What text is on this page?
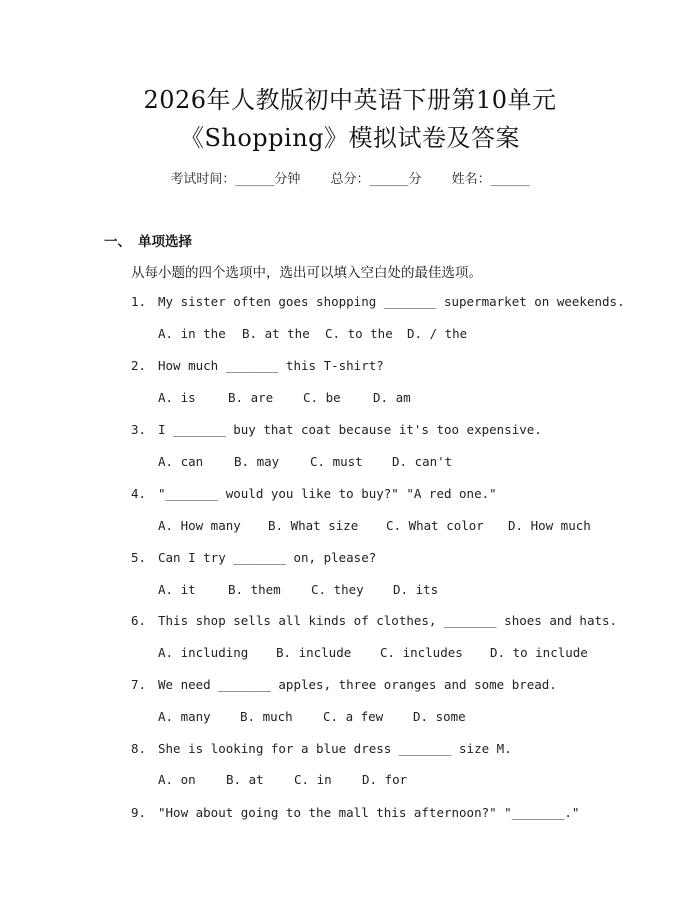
2026年人教版初中英语下册第10单元
《Shopping》模拟试卷及答案
考试时间：______分钟 总分：______分 姓名：______
一、 单项选择
从每小题的四个选项中，选出可以填入空白处的最佳选项。
1. My sister often goes shopping _______ supermarket on weekends.
A. in the B. at the C. to the D. / the
2. How much _______ this T-shirt?
A. is	B. are C. be	D. am
3. I _______ buy that coat because it's too expensive.
A. can B. may C. must D. can't
4. "_______ would you like to buy?" "A red one."
A. How many B. What size C. What color D. How much
5. Can I try _______ on, please?
A. it	B. them C. they D. its
6. This shop sells all kinds of clothes, _______ shoes and hats.
A. including B. include C. includes D. to include
7. We need _______ apples, three oranges and some bread.
A. many B. much C. a few D. some
8. She is looking for a blue dress _______ size M.
A. on B. at C. in D. for
9. "How about going to the mall this afternoon?" "_______."
